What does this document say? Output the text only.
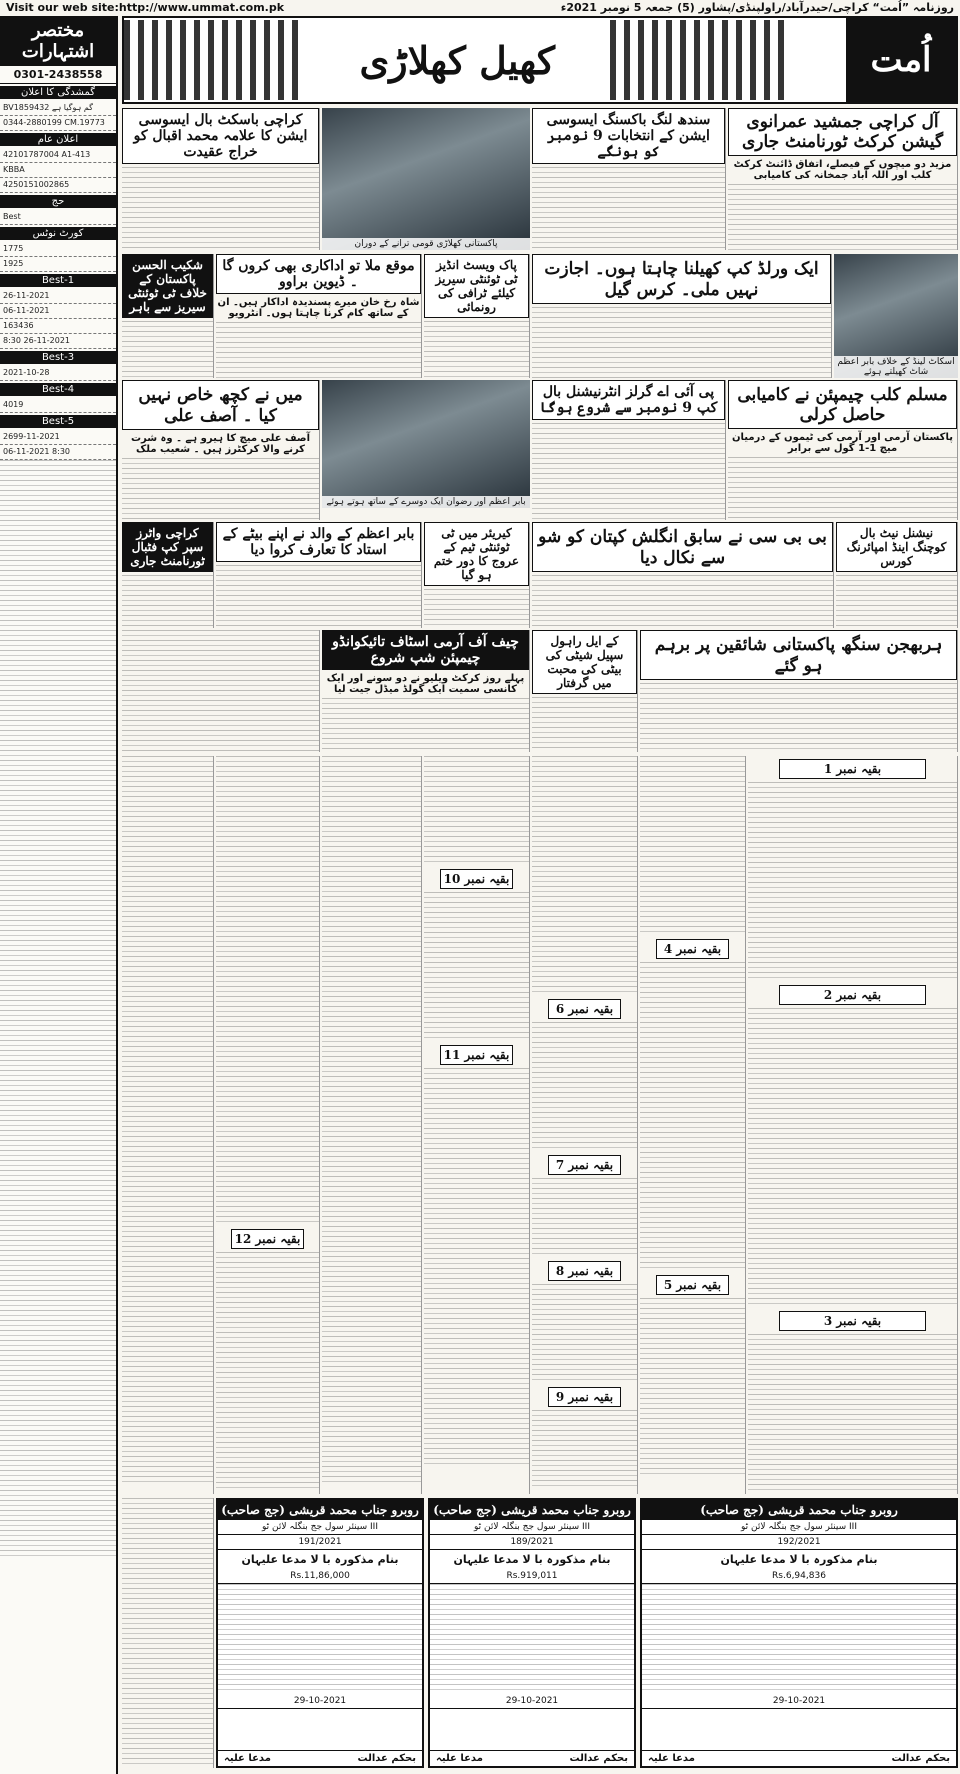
Visit our web site:http://www.ummat.com.pk	روزنامہ ”اُمت“ کراچی/حیدرآباد/راولپنڈی/پشاور (5) جمعہ 5 نومبر 2021ء
مختصر اشتہارات
0301-2438558
گمشدگی کا اعلان
BV1859432 گم ہوگیا ہے
0344-2880199 CM.19773
اعلان عام
42101787004 A1-413
KBBA
4250151002865
حج
Best
کورٹ نوٹس
1775
1925
Best-1
26-11-2021
06-11-2021
163436
8:30 26-11-2021
Best-3
2021-10-28
Best-4
4019
Best-5
2699-11-2021
06-11-2021 8:30
کھیل کھلاڑی	اُمت
آل کراچی جمشید عمرانوی گیشن کرکٹ ٹورنامنٹ جاری
مزید دو میچوں کے فیصلے، اتفاق ڈائنٹ کرکٹ کلب اور اللہ آباد جمخانہ کی کامیابی
سندھ لنگ باکسنگ ایسوسی ایشن کے انتخابات 9 نومبر کو ہونگے
پاکستانی کھلاڑی قومی ترانے کے دوران
کراچی باسکٹ بال ایسوسی ایشن کا علامہ محمد اقبال کو خراج عقیدت
اسکاٹ لینڈ کے خلاف بابر اعظم شاٹ کھیلتے ہوئے
ایک ورلڈ کپ کھیلنا چاہتا ہوں۔ اجازت نہیں ملی۔ کرس گیل
پاک ویسٹ انڈیز ٹی ٹوئنٹی سیریز کیلئے ٹرافی کی رونمائی
موقع ملا تو اداکاری بھی کروں گا ۔ ڈیوین براوو
شاہ رخ خان میرے پسندیدہ اداکار ہیں۔ ان کے ساتھ کام کرنا چاہتا ہوں۔ انٹرویو
شکیب الحسن پاکستان کے خلاف ٹی ٹوئنٹی سیریز سے باہر
مسلم کلب چیمپئن نے کامیابی حاصل کرلی
پاکستان آرمی اور آرمی کی ٹیموں کے درمیان میچ 1-1 گول سے برابر
پی آئی اے گرلز انٹرنیشنل بال کپ 9 نومبر سے شروع ہوگا
بابر اعظم اور رضوان ایک دوسرے کے ساتھ ہوتے ہوئے
میں نے کچھ خاص نہیں کیا ۔ آصف علی
آصف علی میچ کا ہیرو ہے ۔ وہ شرت کرنے والا کرکٹرز ہیں ۔ شعیب ملک
نیشنل نیٹ بال کوچنگ اینڈ امپائرنگ کورس
بی بی سی نے سابق انگلش کپتان کو شو سے نکال دیا
کیریئر میں ٹی ٹوئنٹی ٹیم کے عروج کا دور ختم ہو گیا
بابر اعظم کے والد نے اپنے بیٹے کے استاد کا تعارف کروا دیا
کراچی واٹرز سپر کپ فٹبال ٹورنامنٹ جاری
ہربھجن سنگھ پاکستانی شائقین پر برہم ہو گئے
کے ایل راہول سپیل شیٹی کی بیٹی کی محبت میں گرفتار
چیف آف آرمی اسٹاف تائیکوانڈو چیمپئن شپ شروع
پہلے روز کرکٹ ویلیو نے دو سونے اور ایک کانسی سمیت ایک گولڈ میڈل جیت لیا
بقیہ نمبر 1
بقیہ نمبر 2
بقیہ نمبر 3
بقیہ نمبر 4
بقیہ نمبر 5
بقیہ نمبر 6
بقیہ نمبر 7
بقیہ نمبر 8
بقیہ نمبر 9
بقیہ نمبر 10
بقیہ نمبر 11
بقیہ نمبر 12
روبرو جناب محمد قریشی (جج صاحب)
سینئر سول جج بنگلہ لائن ٹو III
192/2021
بنام مذکورہ با لا مدعا علیہان
Rs.6,94,836
29-10-2021
مدعا علیہ	بحکم عدالت
روبرو جناب محمد قریشی (جج صاحب)
سینئر سول جج بنگلہ لائن ٹو III
189/2021
بنام مذکورہ با لا مدعا علیہان
Rs.919,011
29-10-2021
مدعا علیہ	بحکم عدالت
روبرو جناب محمد قریشی (جج صاحب)
سینئر سول جج بنگلہ لائن ٹو III
191/2021
بنام مذکورہ با لا مدعا علیہان
Rs.11,86,000
29-10-2021
مدعا علیہ	بحکم عدالت
